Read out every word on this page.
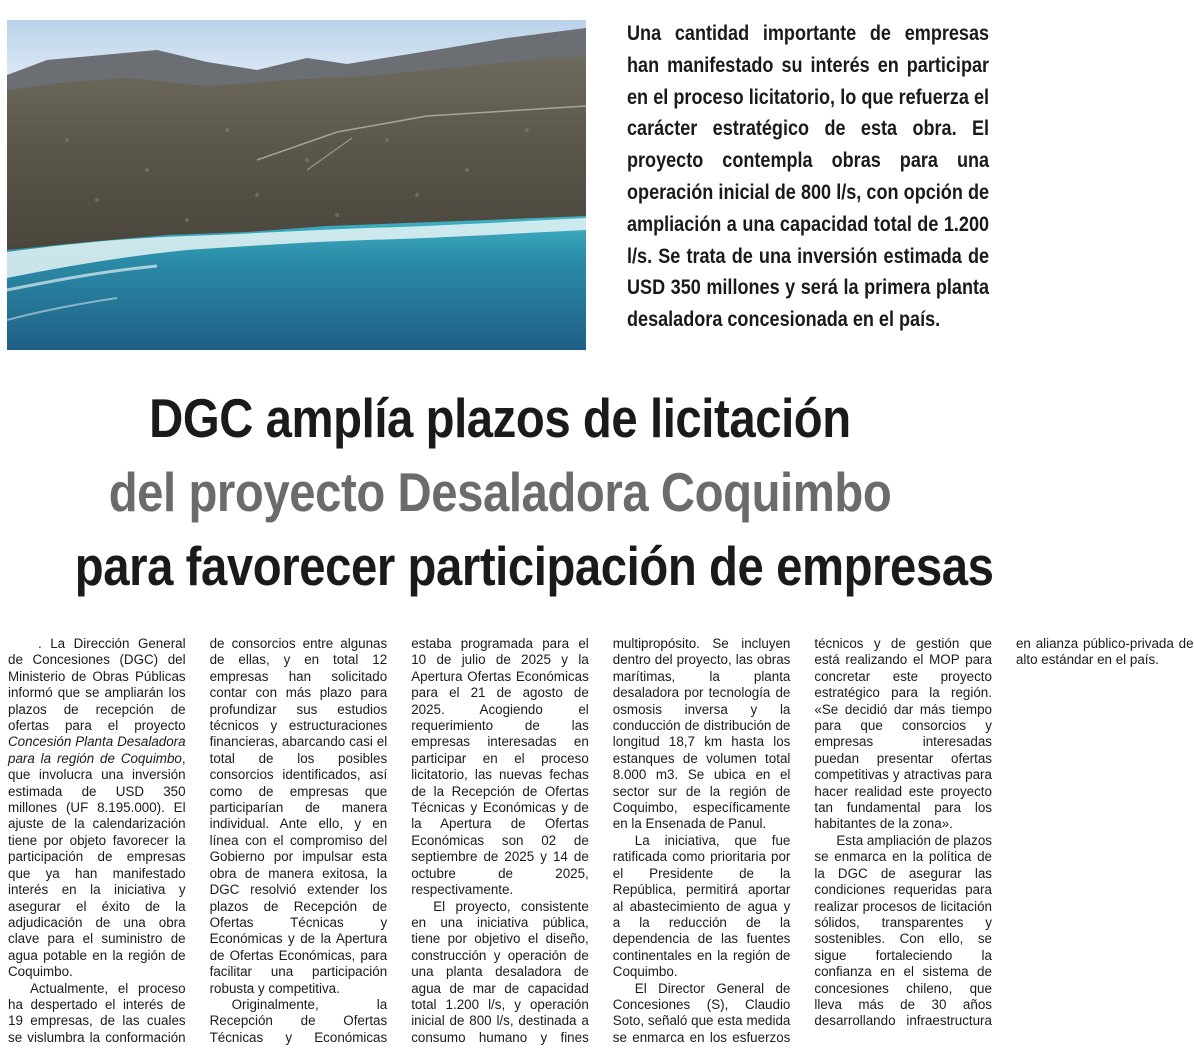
Una cantidad importante de empresas han manifestado su interés en participar en el proceso licitatorio, lo que refuerza el carácter estratégico de esta obra. El proyecto contempla obras para una operación inicial de 800 l/s, con opción de ampliación a una capacidad total de 1.200 l/s. Se trata de una inversión estimada de USD 350 millones y será la primera planta desaladora concesionada en el país.

DGC amplía plazos de licitación
del proyecto Desaladora Coquimbo
para favorecer participación de empresas

. La Dirección General de Concesiones (DGC) del Ministerio de Obras Públicas informó que se ampliarán los plazos de recepción de ofertas para el proyecto Concesión Planta Desaladora para la región de Coquimbo, que involucra una inversión estimada de USD 350 millones (UF 8.195.000). El ajuste de la calendarización tiene por objeto favorecer la participación de empresas que ya han manifestado interés en la iniciativa y asegurar el éxito de la adjudicación de una obra clave para el suministro de agua potable en la región de Coquimbo.

Actualmente, el proceso ha despertado el interés de 19 empresas, de las cuales se vislumbra la conformación de consorcios entre algunas de ellas, y en total 12 empresas han solicitado contar con más plazo para profundizar sus estudios técnicos y estructuraciones financieras, abarcando casi el total de los posibles consorcios identificados, así como de empresas que participarían de manera individual. Ante ello, y en línea con el compromiso del Gobierno por impulsar esta obra de manera exitosa, la DGC resolvió extender los plazos de Recepción de Ofertas Técnicas y Económicas y de la Apertura de Ofertas Económicas, para facilitar una participación robusta y competitiva.

Originalmente, la Recepción de Ofertas Técnicas y Económicas estaba programada para el 10 de julio de 2025 y la Apertura Ofertas Económicas para el 21 de agosto de 2025. Acogiendo el requerimiento de las empresas interesadas en participar en el proceso licitatorio, las nuevas fechas de la Recepción de Ofertas Técnicas y Económicas y de la Apertura de Ofertas Económicas son 02 de septiembre de 2025 y 14 de octubre de 2025, respectivamente.

El proyecto, consistente en una iniciativa pública, tiene por objetivo el diseño, construcción y operación de una planta desaladora de agua de mar de capacidad total 1.200 l/s, y operación inicial de 800 l/s, destinada a consumo humano y fines multipropósito. Se incluyen dentro del proyecto, las obras marítimas, la planta desaladora por tecnología de osmosis inversa y la conducción de distribución de longitud 18,7 km hasta los estanques de volumen total 8.000 m3. Se ubica en el sector sur de la región de Coquimbo, específicamente en la Ensenada de Panul.

La iniciativa, que fue ratificada como prioritaria por el Presidente de la República, permitirá aportar al abastecimiento de agua y a la reducción de la dependencia de las fuentes continentales en la región de Coquimbo.

El Director General de Concesiones (S), Claudio Soto, señaló que esta medida se enmarca en los esfuerzos técnicos y de gestión que está realizando el MOP para concretar este proyecto estratégico para la región. «Se decidió dar más tiempo para que consorcios y empresas interesadas puedan presentar ofertas competitivas y atractivas para hacer realidad este proyecto tan fundamental para los habitantes de la zona».

Esta ampliación de plazos se enmarca en la política de la DGC de asegurar las condiciones requeridas para realizar procesos de licitación sólidos, transparentes y sostenibles. Con ello, se sigue fortaleciendo la confianza en el sistema de concesiones chileno, que lleva más de 30 años desarrollando infraestructura en alianza público-privada de alto estándar en el país.
